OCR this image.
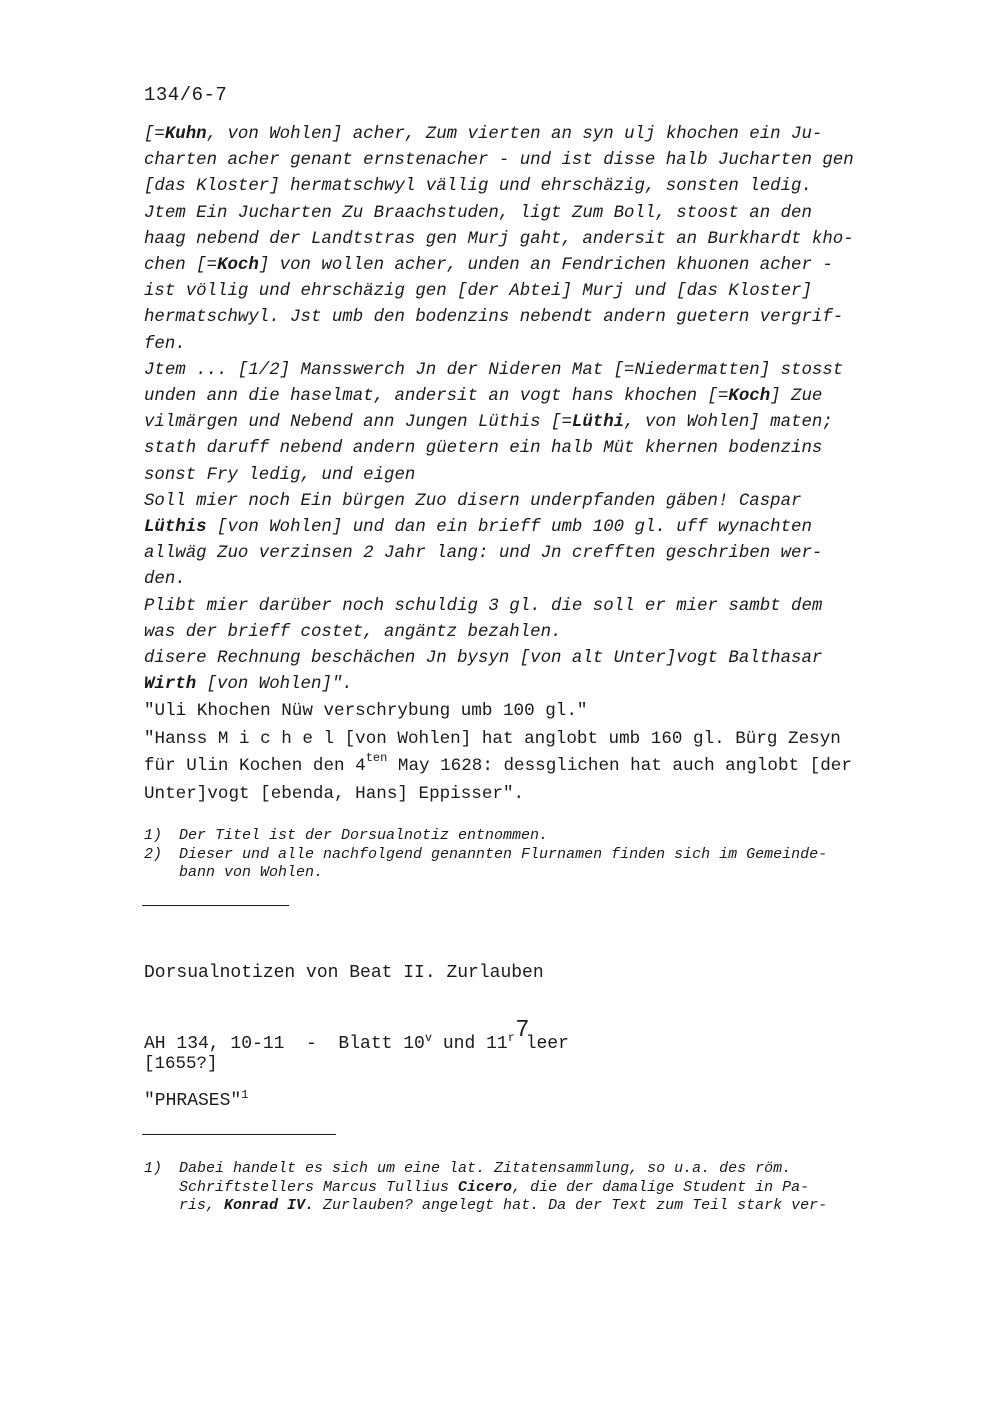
134/6-7
[=Kuhn, von Wohlen] acher, Zum vierten an syn ulj khochen ein Ju-
charten acher genant ernstenacher - und ist disse halb Jucharten gen
[das Kloster] hermatschwyl vällig und ehrschäzig, sonsten ledig.
Jtem Ein Jucharten Zu Braachstuden, ligt Zum Boll, stoost an den
haag nebend der Landtstras gen Murj gaht, andersit an Burkhardt kho-
chen [=Koch] von wollen acher, unden an Fendrichen khuonen acher -
ist völlig und ehrschäzig gen [der Abtei] Murj und [das Kloster]
hermatschwyl. Jst umb den bodenzins nebendt andern guetern vergrif-
fen.
Jtem ... [1/2] Mansswerch Jn der Nideren Mat [=Niedermatten] stosst
unden ann die haselmat, andersit an vogt hans khochen [=Koch] Zue
vilmärgen und Nebend ann Jungen Lüthis [=Lüthi, von Wohlen] maten;
stath daruff nebend andern güetern ein halb Müt khernen bodenzins
sonst Fry ledig, und eigen
Soll mier noch Ein bürgen Zuo disern underpfanden gäben! Caspar
Lüthis [von Wohlen] und dan ein brieff umb 100 gl. uff wynachten
allwäg Zuo verzinsen 2 Jahr lang: und Jn crefften geschriben wer-
den.
Plibt mier darüber noch schuldig 3 gl. die soll er mier sambt dem
was der brieff costet, angäntz bezahlen.
disere Rechnung beschächen Jn bysyn [von alt Unter]vogt Balthasar
Wirth [von Wohlen]".
"Uli Khochen Nüw verschrybung umb 100 gl."
"Hanss M i c h e l [von Wohlen] hat anglobt umb 160 gl. Bürg Zesyn
für Ulin Kochen den $4^{ten}$ May 1628: dessglichen hat auch anglobt [der
Unter]vogt [ebenda, Hans] Eppisser".
1)	Der Titel ist der Dorsualnotiz entnommen.
2)	Dieser und alle nachfolgend genannten Flurnamen finden sich im Gemeinde-
bann von Wohlen.

Dorsualnotizen von Beat II. Zurlauben

AH 134, 10-11  -  Blatt 10$^v$ und 11$^r$ leer

7
[1655?]
"PHRASES"$^1$
1)	Dabei handelt es sich um eine lat. Zitatensammlung, so u.a. des röm.
Schriftstellers Marcus Tullius Cicero, die der damalige Student in Pa-
ris, Konrad IV. Zurlauben? angelegt hat. Da der Text zum Teil stark ver-
